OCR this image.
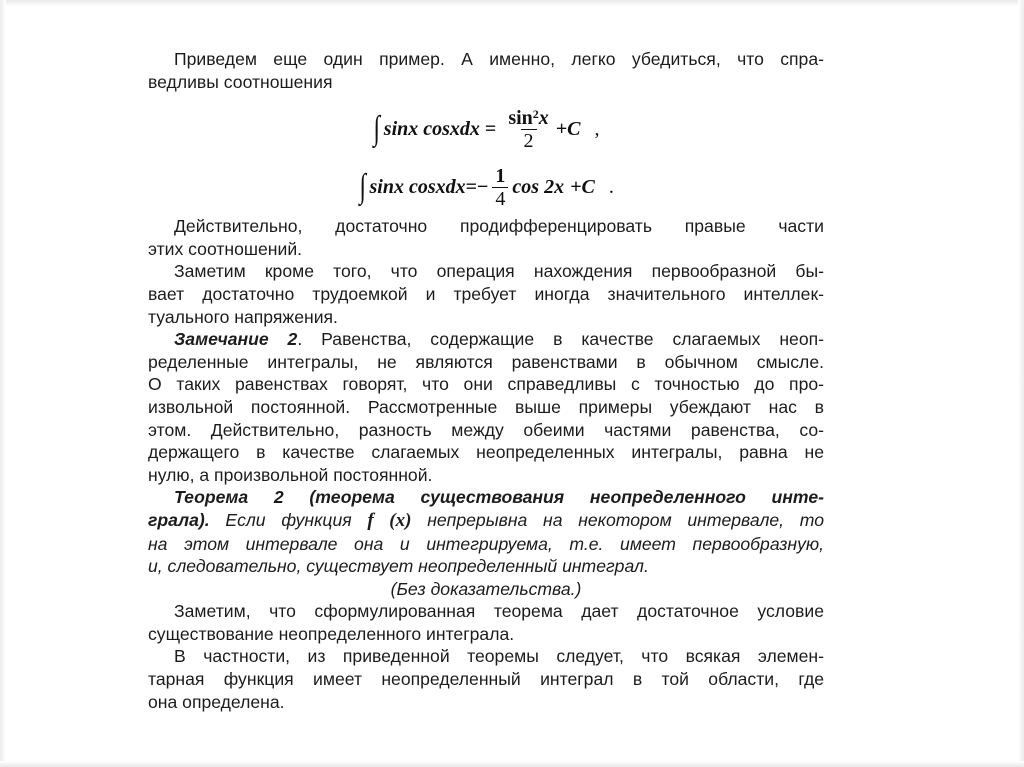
Приведем еще один пример. А именно, легко убедиться, что спра-

ведливы соотношения

∫ sinx cosxdx = $\frac{\sin^2x}{2} +C$ ,
∫ sinx cosxdx =− $\frac{1}{4}$ cos 2x +C .

Действительно, достаточно продифференцировать правые части

этих соотношений.

Заметим кроме того, что операция нахождения первообразной бы-

вает достаточно трудоемкой и требует иногда значительного интеллек-

туального напряжения.

Замечание 2. Равенства, содержащие в качестве слагаемых неоп-

ределенные интегралы, не являются равенствами в обычном смысле.

О таких равенствах говорят, что они справедливы с точностью до про-

извольной постоянной. Рассмотренные выше примеры убеждают нас в

этом. Действительно, разность между обеими частями равенства, со-

держащего в качестве слагаемых неопределенных интегралы, равна не

нулю, а произвольной постоянной.

Теорема 2 (теорема существования неопределенного инте-

грала). Если функция f (x) непрерывна на некотором интервале, то

на этом интервале она и интегрируема, т.е. имеет первообразную,

и, следовательно, существует неопределенный интеграл.

(Без доказательства.)

Заметим, что сформулированная теорема дает достаточное условие

существование неопределенного интеграла.

В частности, из приведенной теоремы следует, что всякая элемен-

тарная функция имеет неопределенный интеграл в той области, где

она определена.
